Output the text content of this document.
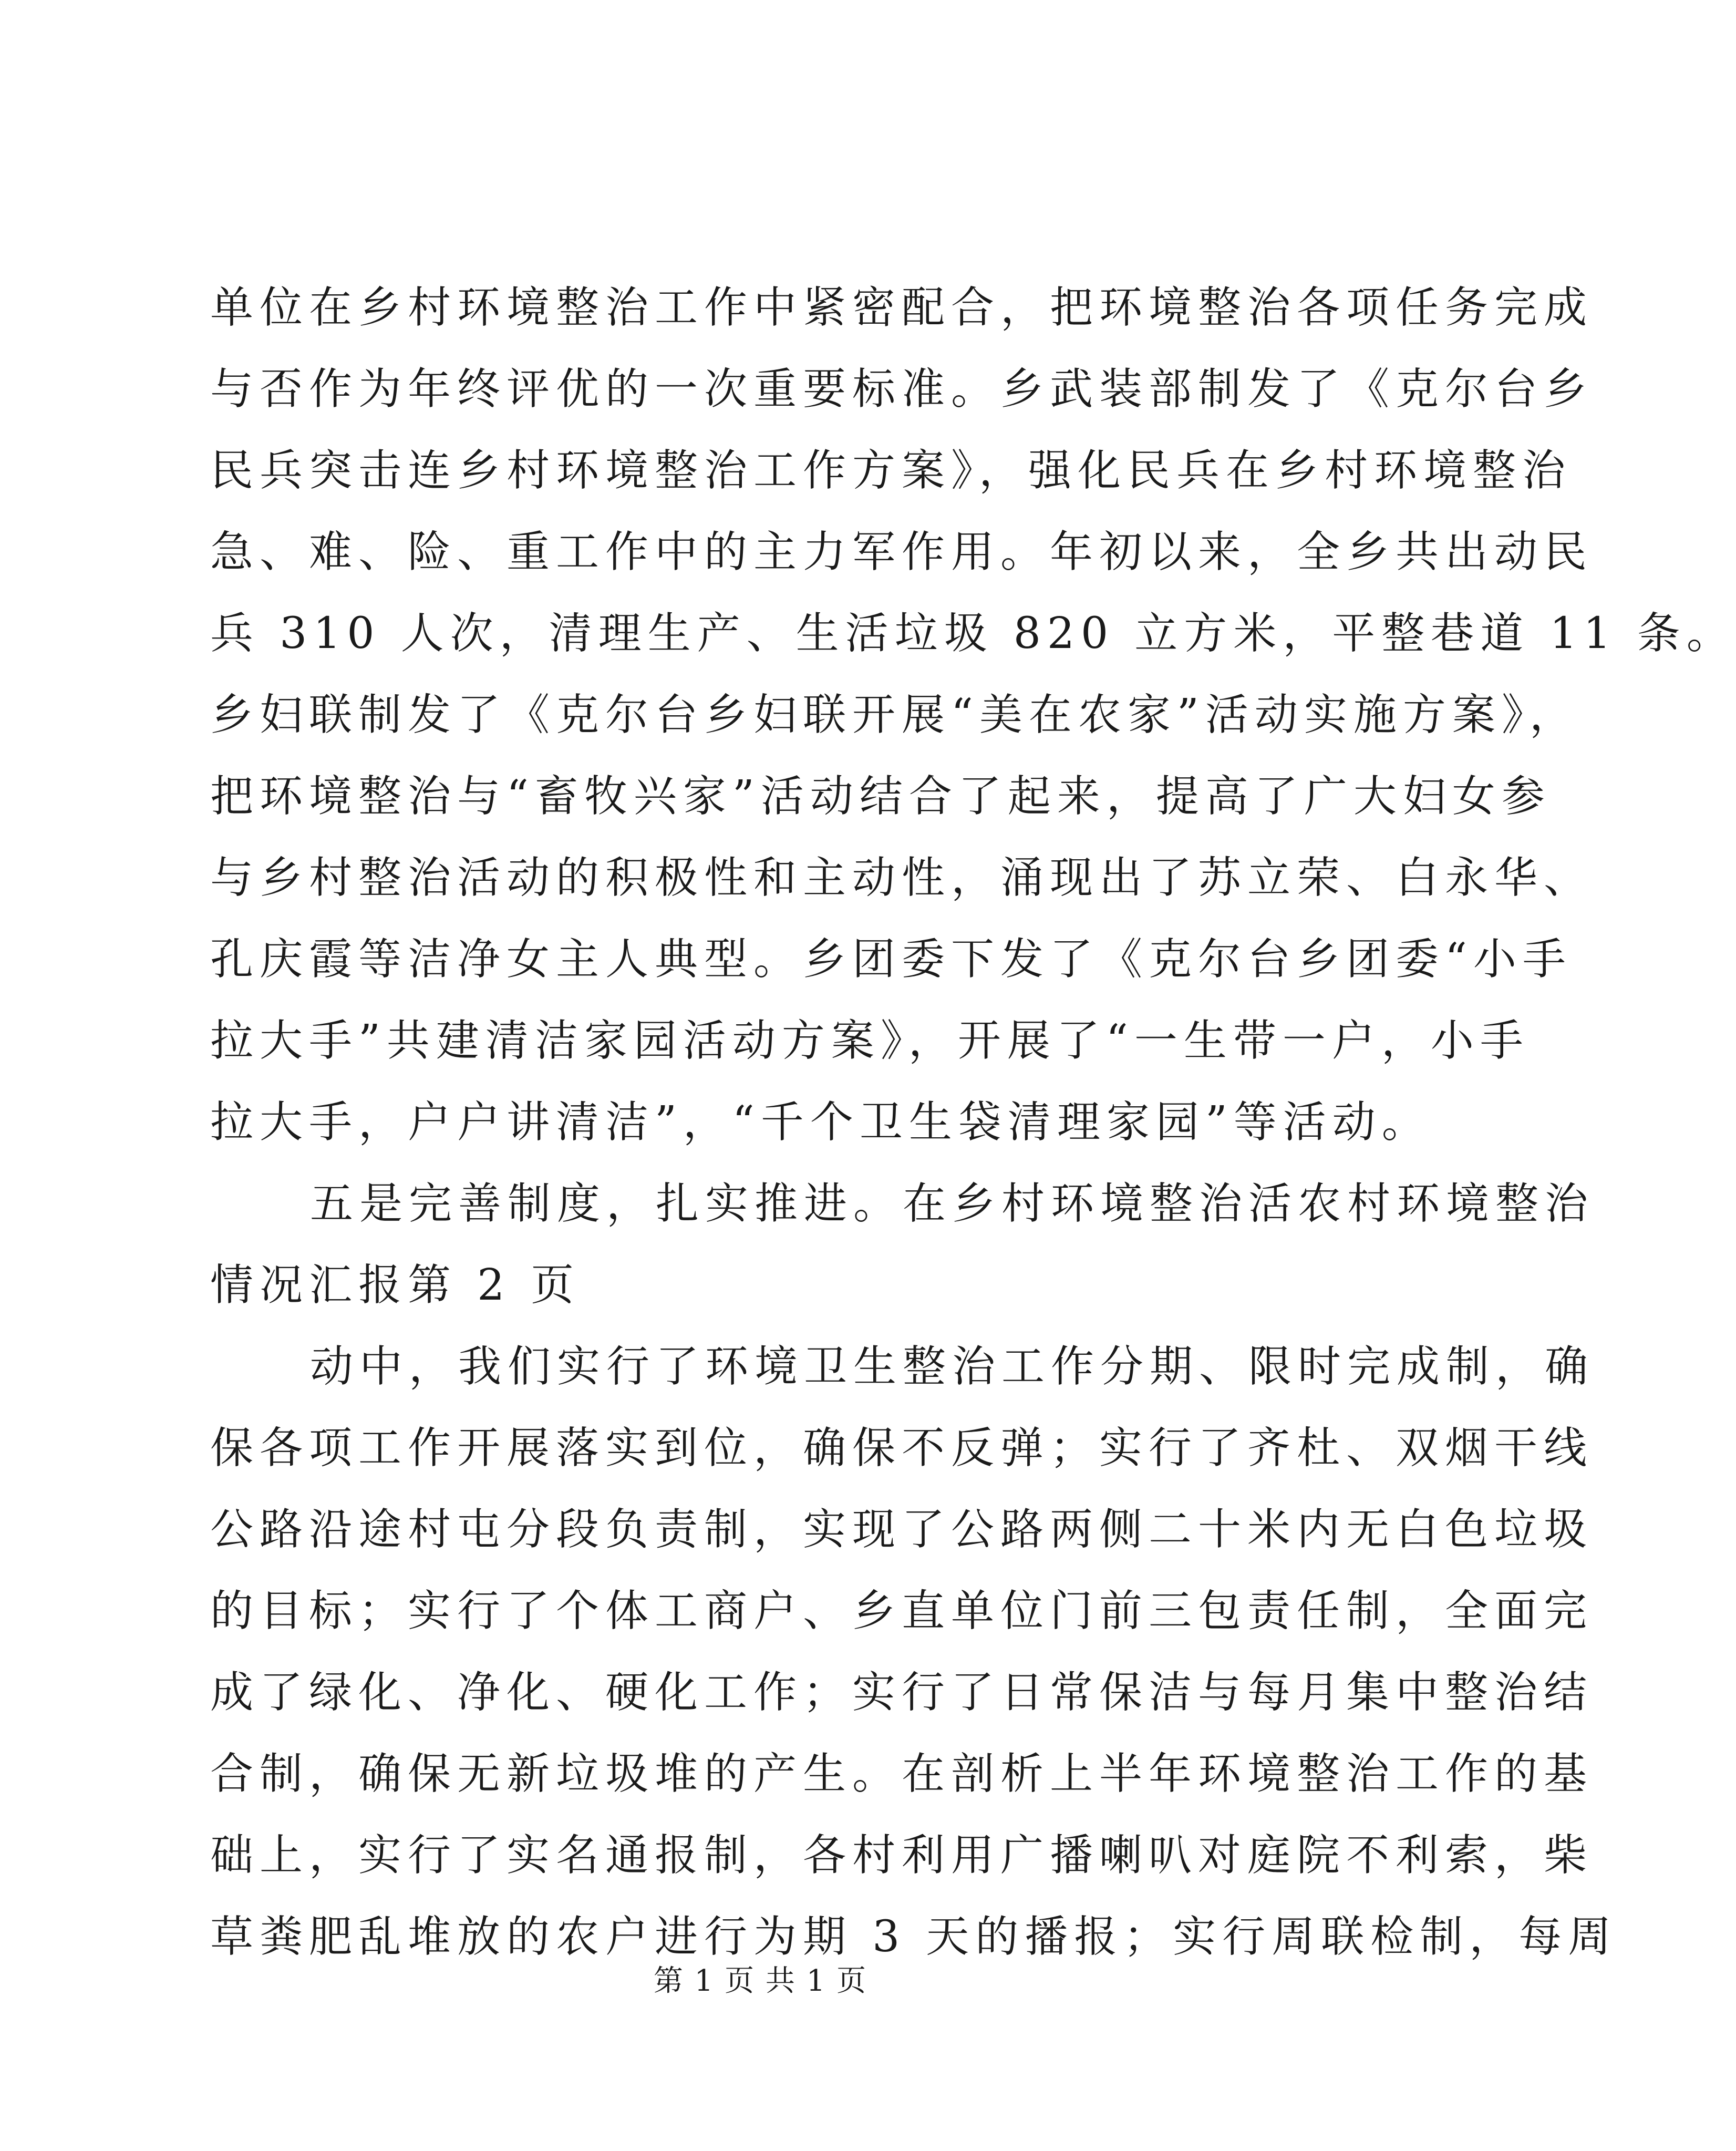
单位在乡村环境整治工作中紧密配合，把环境整治各项任务完成
与否作为年终评优的一次重要标准。乡武装部制发了《克尔台乡
民兵突击连乡村环境整治工作方案》，强化民兵在乡村环境整治
急、难、险、重工作中的主力军作用。年初以来，全乡共出动民
兵 310 人次，清理生产、生活垃圾 820 立方米，平整巷道 11 条。
乡妇联制发了《克尔台乡妇联开展“美在农家”活动实施方案》，
把环境整治与“畜牧兴家”活动结合了起来，提高了广大妇女参
与乡村整治活动的积极性和主动性，涌现出了苏立荣、白永华、
孔庆霞等洁净女主人典型。乡团委下发了《克尔台乡团委“小手
拉大手”共建清洁家园活动方案》，开展了“一生带一户，小手
拉大手，户户讲清洁”，“千个卫生袋清理家园”等活动。
五是完善制度，扎实推进。在乡村环境整治活农村环境整治
情况汇报第 2 页
动中，我们实行了环境卫生整治工作分期、限时完成制，确
保各项工作开展落实到位，确保不反弹；实行了齐杜、双烟干线
公路沿途村屯分段负责制，实现了公路两侧二十米内无白色垃圾
的目标；实行了个体工商户、乡直单位门前三包责任制，全面完
成了绿化、净化、硬化工作；实行了日常保洁与每月集中整治结
合制，确保无新垃圾堆的产生。在剖析上半年环境整治工作的基
础上，实行了实名通报制，各村利用广播喇叭对庭院不利索，柴
草粪肥乱堆放的农户进行为期 3 天的播报；实行周联检制，每周
第 1 页 共 1 页
